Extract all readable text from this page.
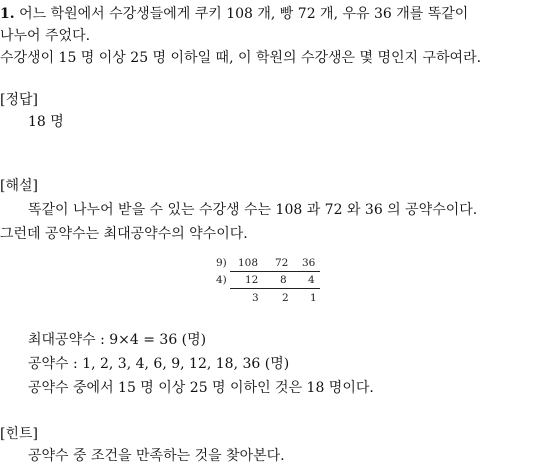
1. 어느 학원에서 수강생들에게 쿠키 108 개, 빵 72 개, 우유 36 개를 똑같이
나누어 주었다.
수강생이 15 명 이상 25 명 이하일 때, 이 학원의 수강생은 몇 명인지 구하여라.
[정답]
18 명
[해설]
똑같이 나누어 받을 수 있는 수강생 수는 108 과 72 와 36 의 공약수이다.
그런데 공약수는 최대공약수의 약수이다.
9) 108 72 36
4) 12 8 4
3 2 1
최대공약수 : 9×4 = 36 (명)
공약수 : 1, 2, 3, 4, 6, 9, 12, 18, 36 (명)
공약수 중에서 15 명 이상 25 명 이하인 것은 18 명이다.
[힌트]
공약수 중 조건을 만족하는 것을 찾아본다.
